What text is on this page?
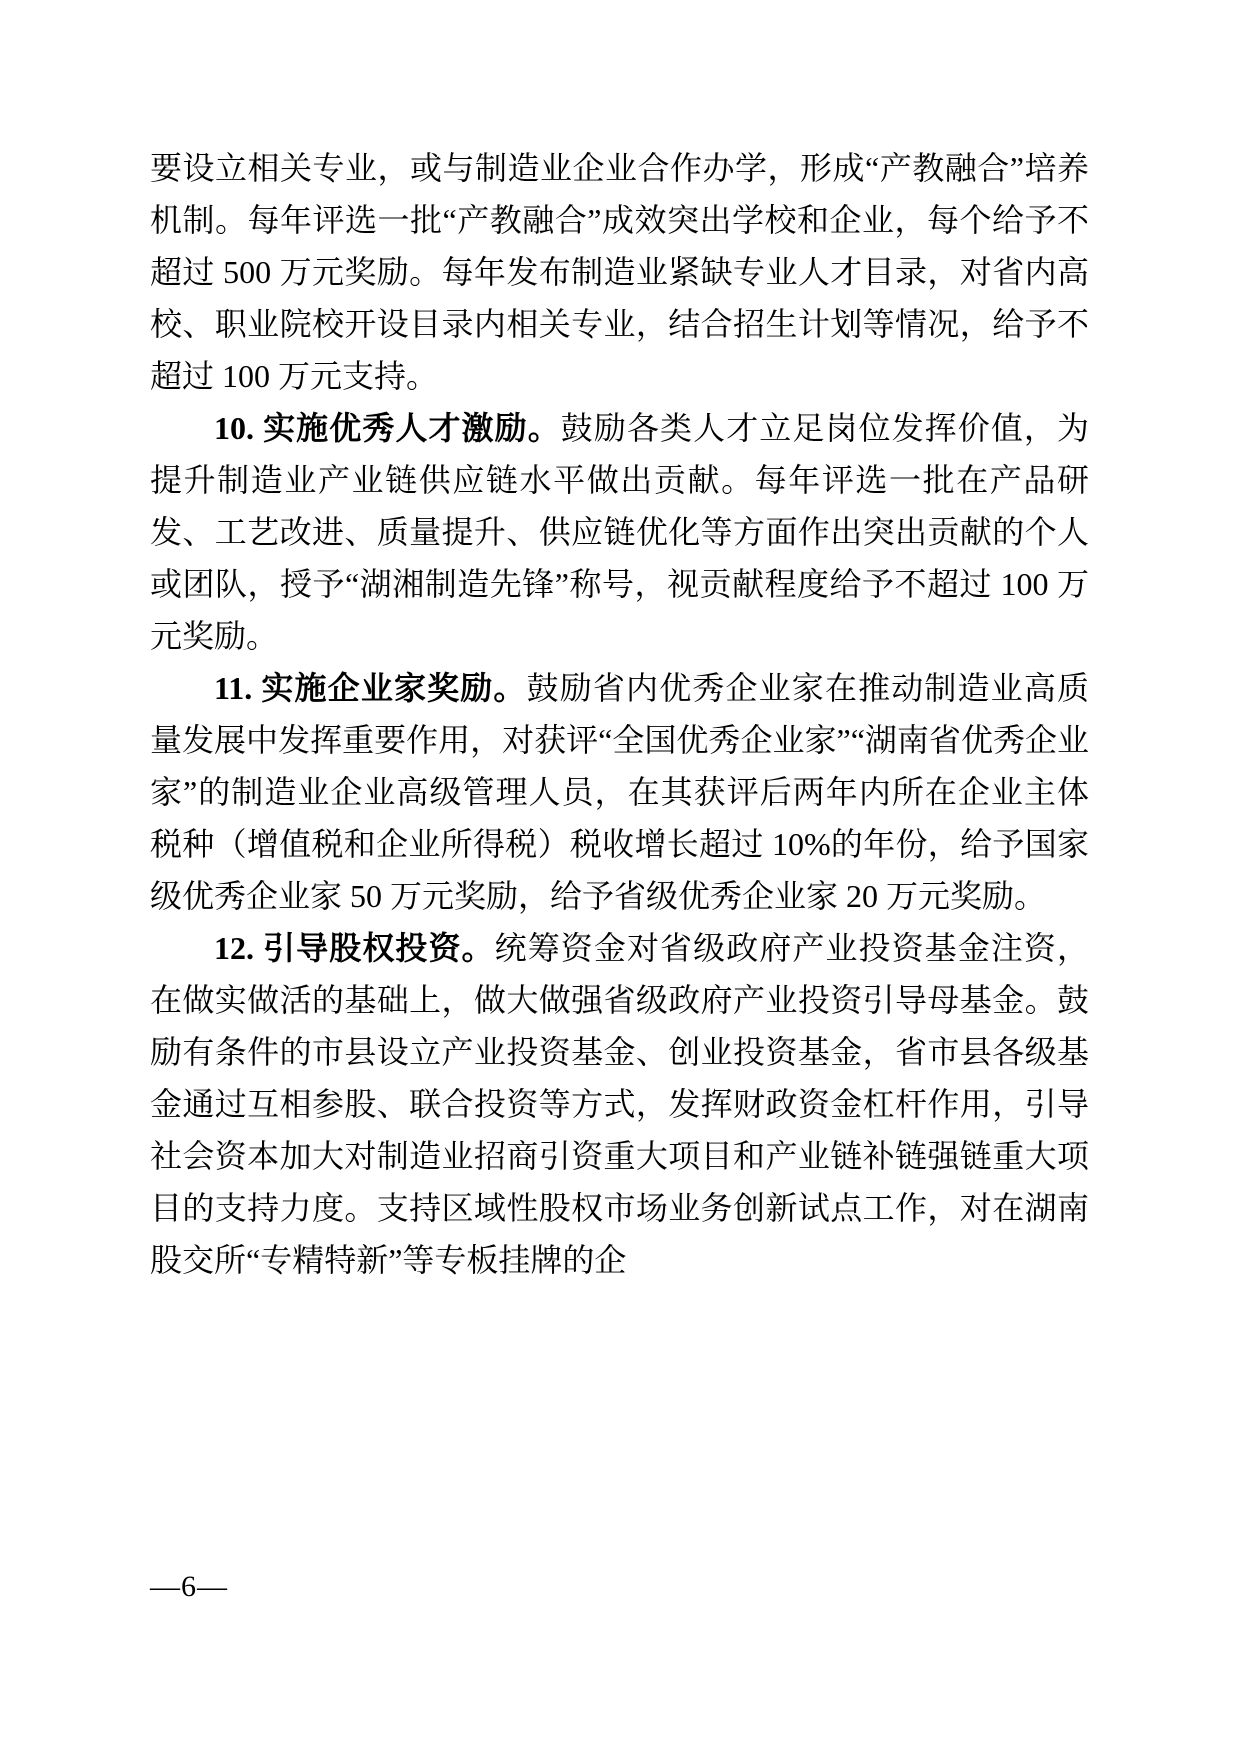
要设立相关专业，或与制造业企业合作办学，形成“产教融合”培养机制。每年评选一批“产教融合”成效突出学校和企业，每个给予不超过 500 万元奖励。每年发布制造业紧缺专业人才目录，对省内高校、职业院校开设目录内相关专业，结合招生计划等情况，给予不超过 100 万元支持。

10. 实施优秀人才激励。鼓励各类人才立足岗位发挥价值，为提升制造业产业链供应链水平做出贡献。每年评选一批在产品研发、工艺改进、质量提升、供应链优化等方面作出突出贡献的个人或团队，授予“湖湘制造先锋”称号，视贡献程度给予不超过 100 万元奖励。

11. 实施企业家奖励。鼓励省内优秀企业家在推动制造业高质量发展中发挥重要作用，对获评“全国优秀企业家”“湖南省优秀企业家”的制造业企业高级管理人员，在其获评后两年内所在企业主体税种（增值税和企业所得税）税收增长超过 10%的年份，给予国家级优秀企业家 50 万元奖励，给予省级优秀企业家 20 万元奖励。

12. 引导股权投资。统筹资金对省级政府产业投资基金注资，在做实做活的基础上，做大做强省级政府产业投资引导母基金。鼓励有条件的市县设立产业投资基金、创业投资基金，省市县各级基金通过互相参股、联合投资等方式，发挥财政资金杠杆作用，引导社会资本加大对制造业招商引资重大项目和产业链补链强链重大项目的支持力度。支持区域性股权市场业务创新试点工作，对在湖南股交所“专精特新”等专板挂牌的企

—6—
